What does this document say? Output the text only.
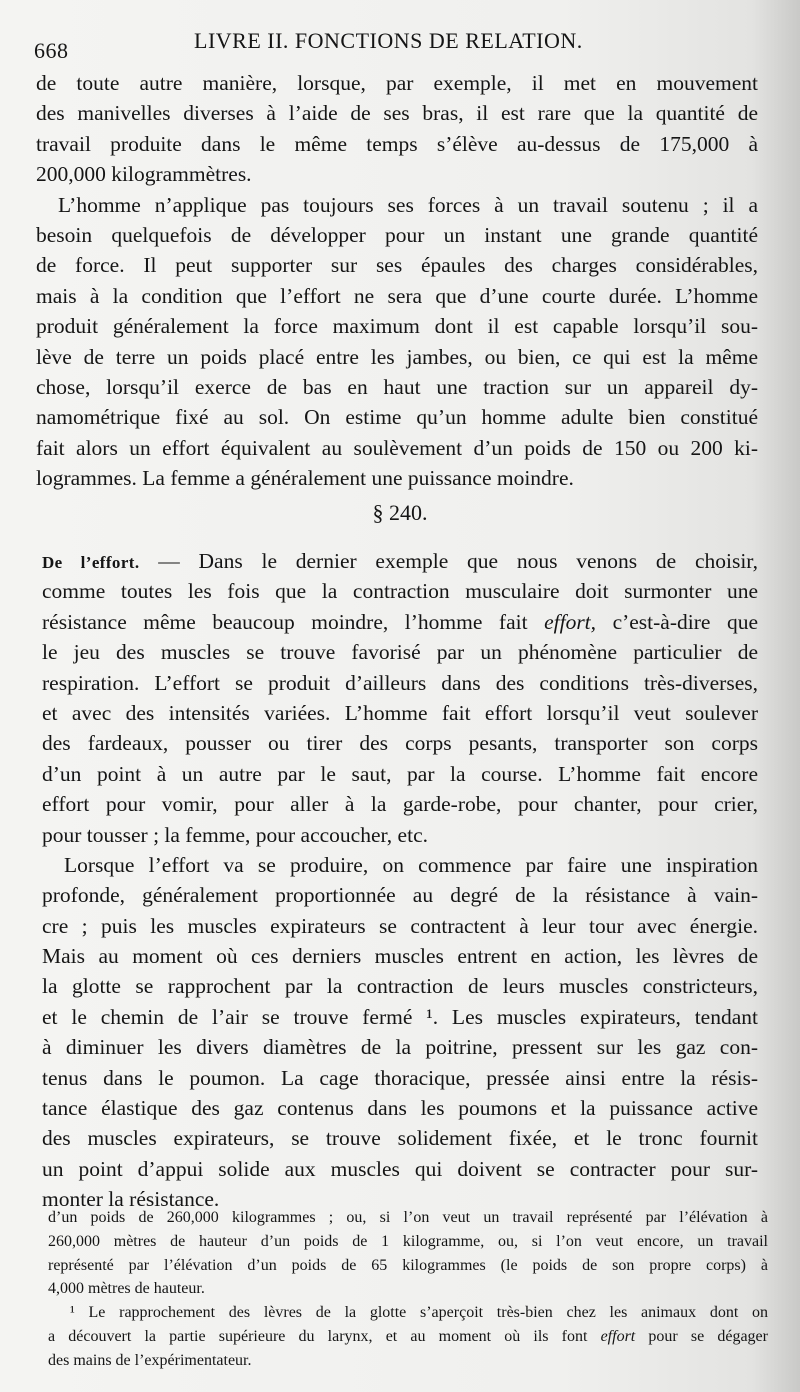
668	LIVRE II. FONCTIONS DE RELATION.
de toute autre manière, lorsque, par exemple, il met en mouvement
des manivelles diverses à l’aide de ses bras, il est rare que la quantité de
travail produite dans le même temps s’élève au-dessus de 175,000 à
200,000 kilogrammètres.
L’homme n’applique pas toujours ses forces à un travail soutenu ; il a
besoin quelquefois de développer pour un instant une grande quantité
de force. Il peut supporter sur ses épaules des charges considérables,
mais à la condition que l’effort ne sera que d’une courte durée. L’homme
produit généralement la force maximum dont il est capable lorsqu’il sou-
lève de terre un poids placé entre les jambes, ou bien, ce qui est la même
chose, lorsqu’il exerce de bas en haut une traction sur un appareil dy-
namométrique fixé au sol. On estime qu’un homme adulte bien constitué
fait alors un effort équivalent au soulèvement d’un poids de 150 ou 200 ki-
logrammes. La femme a généralement une puissance moindre.
§ 240.
De l’effort. — Dans le dernier exemple que nous venons de choisir,
comme toutes les fois que la contraction musculaire doit surmonter une
résistance même beaucoup moindre, l’homme fait effort, c’est-à-dire que
le jeu des muscles se trouve favorisé par un phénomène particulier de
respiration. L’effort se produit d’ailleurs dans des conditions très-diverses,
et avec des intensités variées. L’homme fait effort lorsqu’il veut soulever
des fardeaux, pousser ou tirer des corps pesants, transporter son corps
d’un point à un autre par le saut, par la course. L’homme fait encore
effort pour vomir, pour aller à la garde-robe, pour chanter, pour crier,
pour tousser ; la femme, pour accoucher, etc.
Lorsque l’effort va se produire, on commence par faire une inspiration
profonde, généralement proportionnée au degré de la résistance à vain-
cre ; puis les muscles expirateurs se contractent à leur tour avec énergie.
Mais au moment où ces derniers muscles entrent en action, les lèvres de
la glotte se rapprochent par la contraction de leurs muscles constricteurs,
et le chemin de l’air se trouve fermé ¹. Les muscles expirateurs, tendant
à diminuer les divers diamètres de la poitrine, pressent sur les gaz con-
tenus dans le poumon. La cage thoracique, pressée ainsi entre la résis-
tance élastique des gaz contenus dans les poumons et la puissance active
des muscles expirateurs, se trouve solidement fixée, et le tronc fournit
un point d’appui solide aux muscles qui doivent se contracter pour sur-
monter la résistance.
d’un poids de 260,000 kilogrammes ; ou, si l’on veut un travail représenté par l’élévation à
260,000 mètres de hauteur d’un poids de 1 kilogramme, ou, si l’on veut encore, un travail
représenté par l’élévation d’un poids de 65 kilogrammes (le poids de son propre corps) à
4,000 mètres de hauteur.
¹ Le rapprochement des lèvres de la glotte s’aperçoit très-bien chez les animaux dont on
a découvert la partie supérieure du larynx, et au moment où ils font effort pour se dégager
des mains de l’expérimentateur.
